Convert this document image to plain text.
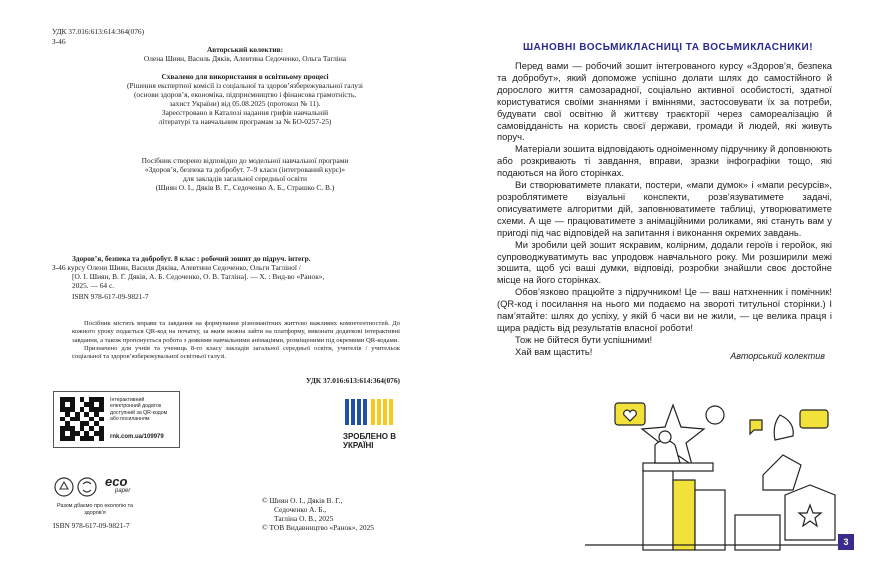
УДК 37.016:613:614:364(076)
З-46
Авторський колектив:
Олена Шиян, Василь Дяків, Алевтина Седоченко, Ольга Таглiна
Схвалено для використання в освітньому процесі
(Рішення експертної комісії із соціальної та здоров’язбережувальної галузі
(основи здоров’я, економіка, підприємництво і фінансова грамотність,
захист України) від 05.08.2025 (протокол № 11).
Зареєстровано в Каталозі надання грифів навчальній
літературі та навчальним програмам за № БО-0257-25)
Посібник створено відповідно до модельної навчальної програми
«Здоров’я, безпека та добробут. 7–9 класи (інтегрований курс)»
для закладів загальної середньої освіти
(Шиян О. І., Дяків В. Г., Седоченко А. Б., Страшко С. В.)
Здоров’я, безпека та добробут. 8 клас : робочий зошит до підруч. інтегр.
З-46 курсу Олени Шиян, Василя Дякiва, Алевтини Седоченко, Ольги Таглiної /
[О. І. Шиян, В. Г. Дяків, А. Б. Седоченко, О. В. Таглiна]. — Х. : Вид-во «Ранок»,
2025. — 64 с.
ISBN 978-617-09-9821-7
Посібник містить вправи та завдання на формування різноманітних життєво важливих компетентностей. До кожного уроку подається QR-код на початку, за яким можна зайти на платформу, виконати додаткові інтерактивні завдання, а також пропонується робота з деякими навчальними анімаціями, розміщеними під окремими QR-кодами.
Призначено для учнів та учениць 8-го класу закладів загальної середньої освіти, учителів / учительок соціальної та здоров’язбережувальної освітньої галузі.
УДК 37.016:613:614:364(076)
Інтерактивний електронний додаток доступний за QR-кодом або посиланням
rnk.com.ua/109979	ЗРОБЛЕНО В УКРАЇНІ
eco
paper
Разом дбаємо про екологію та здоров’я
ISBN 978-617-09-9821-7
© Шиян О. І., Дяків В. Г.,
Седоченко А. Б.,
Таглiна О. В., 2025
© ТОВ Видавництво «Ранок», 2025
ШАНОВНІ ВОСЬМИКЛАСНИЦІ ТА ВОСЬМИКЛАСНИКИ!

Перед вами — робочий зошит інтегрованого курсу «Здоров’я, безпека та добробут», який допоможе успішно долати шлях до самостійного й дорослого життя самозарадної, соціально активної особистості, здатної користуватися своїми знаннями і вміннями, застосовувати їх за потреби, будувати свої освітню й життєву траєкторії через самореалізацію й самовідданість на користь своєї держави, громади й людей, які живуть поруч.

Матеріали зошита відповідають одноіменному підручнику й доповнюють або розкривають ті завдання, вправи, зразки інфографіки тощо, які подаються на його сторінках.

Ви створюватимете плакати, постери, «мапи думок» і «мапи ресурсів», розроблятимете візуальні конспекти, розв’язуватимете задачі, описуватимете алгоритми дій, заповнюватимете таблиці, утворюватимете схеми. А ще — працюватимете з анімаційними роликами, які стануть вам у пригоді під час відповідей на запитання і виконання окремих завдань.

Ми зробили цей зошит яскравим, колірним, додали героїв і геройок, які супроводжуватимуть вас упродовж навчального року. Ми розширили межі зошита, щоб усі ваші думки, відповіді, розробки знайшли своє достойне місце на його сторінках.

Обов’язково працюйте з підручником! Це — ваш натхненник і помічник! (QR-код і посилання на нього ми подаємо на звороті титульної сторінки.) І пам’ятайте: шлях до успіху, у якій б часи ви не жили, — це велика праця і щира радість від результатів власної роботи!

Тож не бійтеся бути успішними!

Хай вам щастить!	Авторський колектив
3
